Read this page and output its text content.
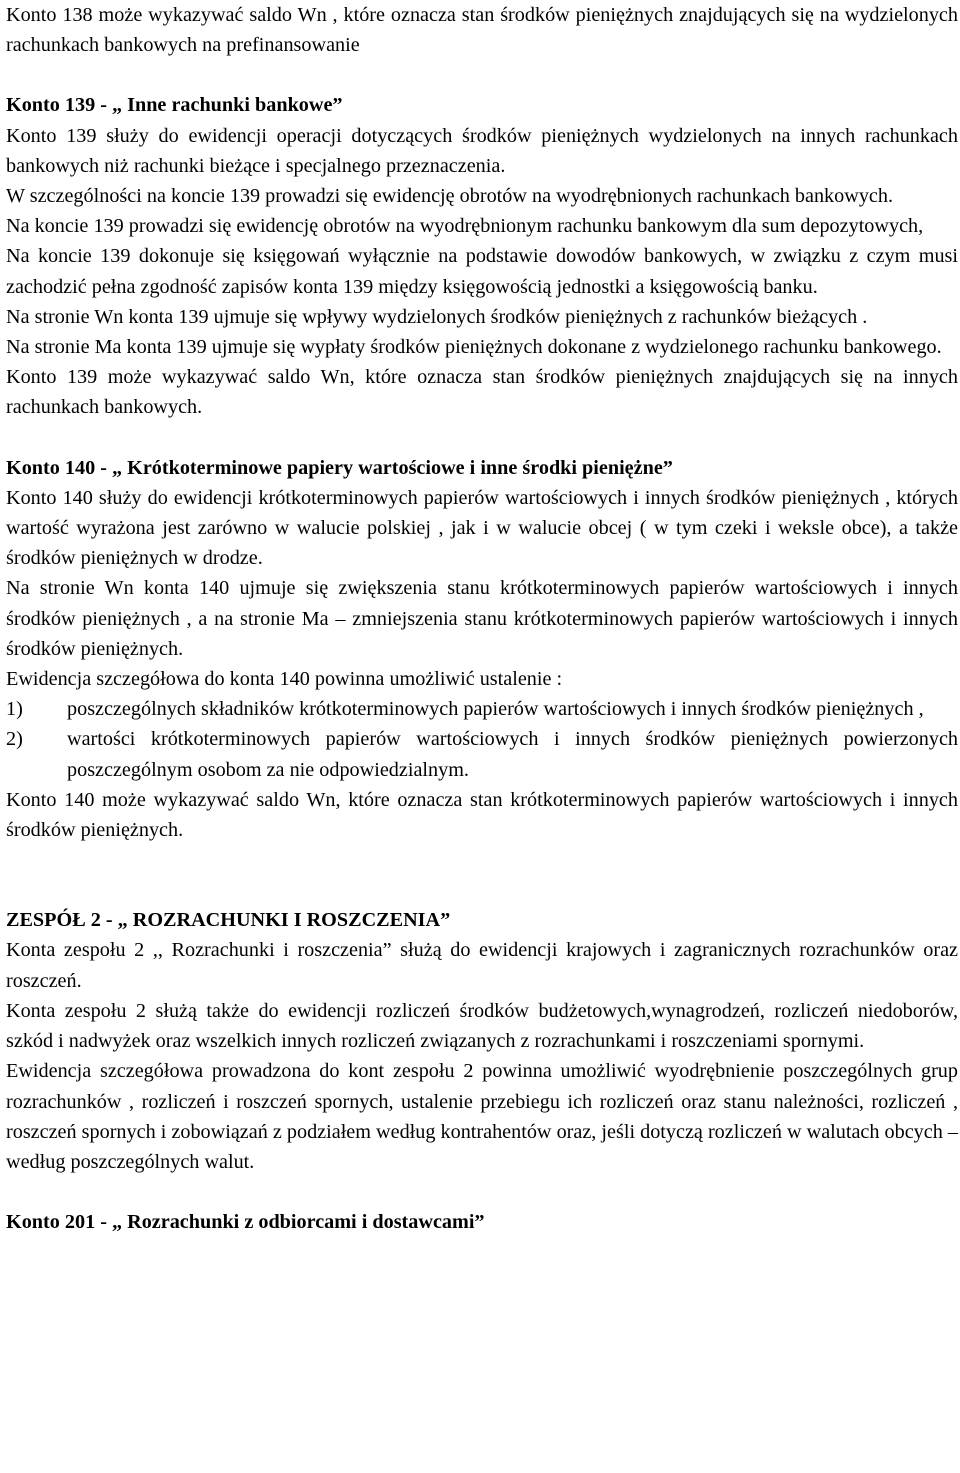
Konto 138 może wykazywać saldo Wn , które oznacza stan środków pieniężnych znajdujących się na wydzielonych rachunkach bankowych na prefinansowanie

Konto 139 - „ Inne rachunki bankowe”

Konto 139 służy do ewidencji operacji dotyczących środków pieniężnych wydzielonych na innych rachunkach bankowych niż rachunki bieżące i specjalnego przeznaczenia.

W szczególności na koncie 139 prowadzi się ewidencję obrotów na wyodrębnionych rachunkach bankowych.

Na koncie 139 prowadzi się ewidencję obrotów na wyodrębnionym rachunku bankowym dla sum depozytowych,

Na koncie 139 dokonuje się księgowań wyłącznie na podstawie dowodów bankowych, w związku z czym musi zachodzić pełna zgodność zapisów konta 139 między księgowością jednostki a księgowością banku.

Na stronie Wn konta 139 ujmuje się wpływy wydzielonych środków pieniężnych z rachunków bieżących .

Na stronie Ma konta 139 ujmuje się wypłaty środków pieniężnych dokonane z wydzielonego rachunku bankowego.

Konto 139 może wykazywać saldo Wn, które oznacza stan środków pieniężnych znajdujących się na innych rachunkach bankowych.

Konto 140 - „ Krótkoterminowe papiery wartościowe i inne środki pieniężne”

Konto 140 służy do ewidencji krótkoterminowych papierów wartościowych i innych środków pieniężnych , których wartość wyrażona jest zarówno w walucie polskiej , jak i w walucie obcej ( w tym czeki i weksle obce), a także środków pieniężnych w drodze.

Na stronie Wn konta 140 ujmuje się zwiększenia stanu krótkoterminowych papierów wartościowych i innych środków pieniężnych , a na stronie Ma – zmniejszenia stanu krótkoterminowych papierów wartościowych i innych środków pieniężnych.

Ewidencja szczegółowa do konta 140 powinna umożliwić ustalenie :

1)	poszczególnych składników krótkoterminowych papierów wartościowych i innych środków pieniężnych ,
2)	wartości krótkoterminowych papierów wartościowych i innych środków pieniężnych powierzonych poszczególnym osobom za nie odpowiedzialnym.

Konto 140 może wykazywać saldo Wn, które oznacza stan krótkoterminowych papierów wartościowych i innych środków pieniężnych.

ZESPÓŁ 2 - „ ROZRACHUNKI I ROSZCZENIA”

Konta zespołu 2 ,, Rozrachunki i roszczenia” służą do ewidencji krajowych i zagranicznych rozrachunków oraz roszczeń.

Konta zespołu 2 służą także do ewidencji rozliczeń środków budżetowych,wynagrodzeń, rozliczeń niedoborów, szkód i nadwyżek oraz wszelkich innych rozliczeń związanych z rozrachunkami i roszczeniami spornymi.

Ewidencja szczegółowa prowadzona do kont zespołu 2 powinna umożliwić wyodrębnienie poszczególnych grup rozrachunków , rozliczeń i roszczeń spornych, ustalenie przebiegu ich rozliczeń oraz stanu należności, rozliczeń , roszczeń spornych i zobowiązań z podziałem według kontrahentów oraz, jeśli dotyczą rozliczeń w walutach obcych – według poszczególnych walut.

Konto 201 - „ Rozrachunki z odbiorcami i dostawcami”
